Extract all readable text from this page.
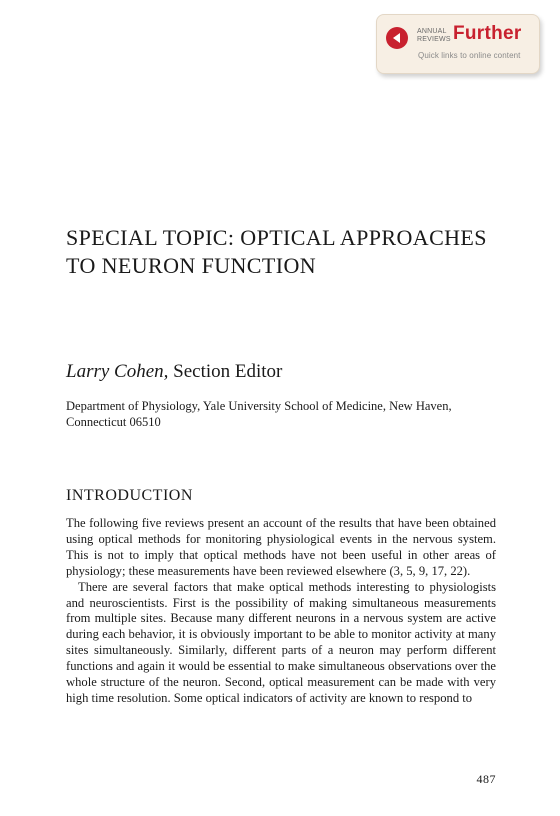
ANNUAL
REVIEWS Further
Quick links to online content
SPECIAL TOPIC: OPTICAL APPROACHES TO NEURON FUNCTION
Larry Cohen, Section Editor
Department of Physiology, Yale University School of Medicine, New Haven, Connecticut 06510
INTRODUCTION

The following five reviews present an account of the results that have been obtained using optical methods for monitoring physiological events in the nervous system. This is not to imply that optical methods have not been useful in other areas of physiology; these measurements have been reviewed elsewhere (3, 5, 9, 17, 22).

There are several factors that make optical methods interesting to physiologists and neuroscientists. First is the possibility of making simultaneous measurements from multiple sites. Because many different neurons in a nervous system are active during each behavior, it is obviously important to be able to monitor activity at many sites simultaneously. Similarly, different parts of a neuron may perform different functions and again it would be essential to make simultaneous observations over the whole structure of the neuron. Second, optical measurement can be made with very high time resolution. Some optical indicators of activity are known to respond to

487
